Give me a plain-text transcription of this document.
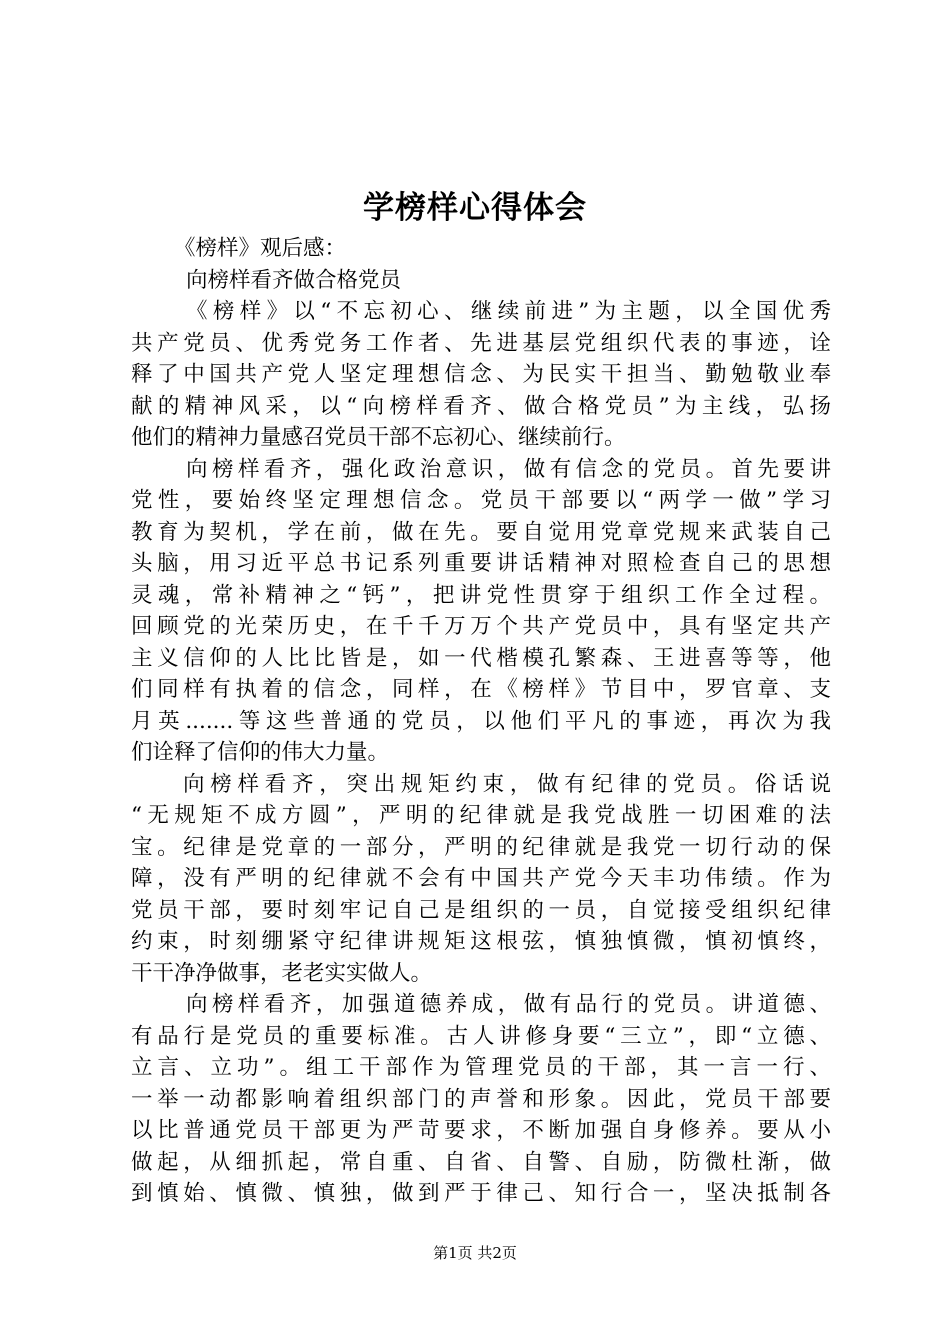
学榜样心得体会
《榜样》观后感：
向榜样看齐做合格党员
《榜样》以“不忘初心、继续前进”为主题，以全国优秀
共产党员、优秀党务工作者、先进基层党组织代表的事迹，诠
释了中国共产党人坚定理想信念、为民实干担当、勤勉敬业奉
献的精神风采，以“向榜样看齐、做合格党员”为主线，弘扬
他们的精神力量感召党员干部不忘初心、继续前行。
向榜样看齐，强化政治意识，做有信念的党员。首先要讲
党性，要始终坚定理想信念。党员干部要以“两学一做”学习
教育为契机，学在前，做在先。要自觉用党章党规来武装自己
头脑，用习近平总书记系列重要讲话精神对照检查自己的思想
灵魂，常补精神之“钙”，把讲党性贯穿于组织工作全过程。
回顾党的光荣历史，在千千万万个共产党员中，具有坚定共产
主义信仰的人比比皆是，如一代楷模孔繁森、王进喜等等，他
们同样有执着的信念，同样，在《榜样》节目中，罗官章、支
月英.......等这些普通的党员，以他们平凡的事迹，再次为我
们诠释了信仰的伟大力量。
向榜样看齐，突出规矩约束，做有纪律的党员。俗话说
“无规矩不成方圆”，严明的纪律就是我党战胜一切困难的法
宝。纪律是党章的一部分，严明的纪律就是我党一切行动的保
障，没有严明的纪律就不会有中国共产党今天丰功伟绩。作为
党员干部，要时刻牢记自己是组织的一员，自觉接受组织纪律
约束，时刻绷紧守纪律讲规矩这根弦，慎独慎微，慎初慎终，
干干净净做事，老老实实做人。
向榜样看齐，加强道德养成，做有品行的党员。讲道德、
有品行是党员的重要标准。古人讲修身要“三立”，即“立德、
立言、立功”。组工干部作为管理党员的干部，其一言一行、
一举一动都影响着组织部门的声誉和形象。因此，党员干部要
以比普通党员干部更为严苛要求，不断加强自身修养。要从小
做起，从细抓起，常自重、自省、自警、自励，防微杜渐，做
到慎始、慎微、慎独，做到严于律己、知行合一，坚决抵制各
第1页 共2页
